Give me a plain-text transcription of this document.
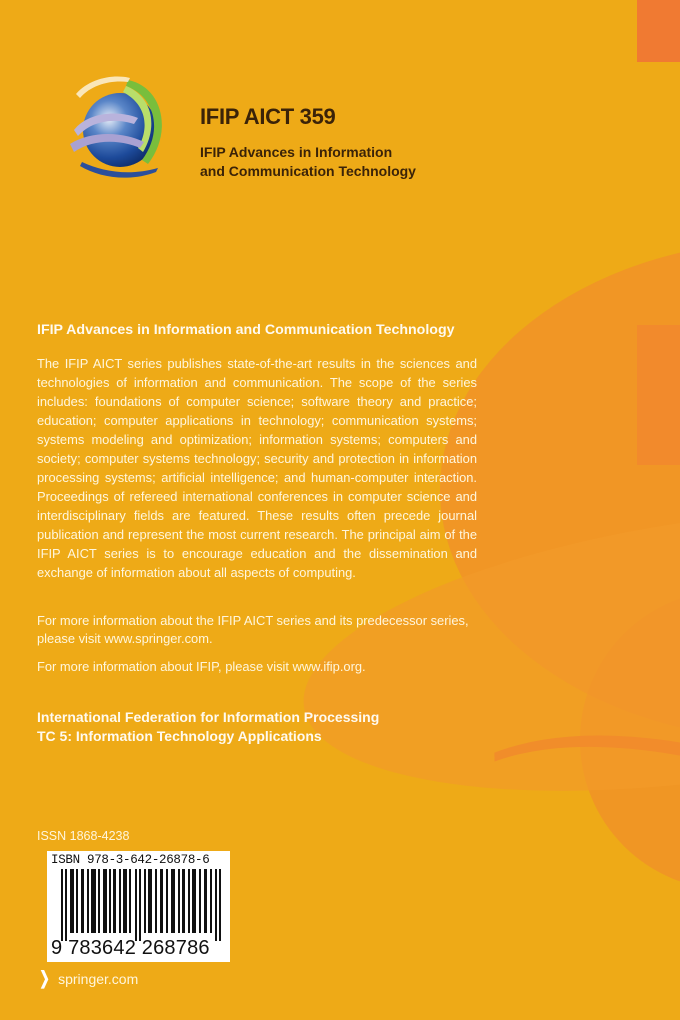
IFIP AICT 359
IFIP Advances in Information
and Communication Technology
IFIP Advances in Information and Communication Technology

The IFIP AICT series publishes state-of-the-art results in the sciences and technologies of information and communication. The scope of the series includes: foundations of computer science; software theory and practice; education; computer applications in technology; communication systems; systems modeling and optimization; information systems; computers and society; computer systems technology; security and protection in information processing systems; artificial intelligence; and human-computer interaction. Proceedings of refereed international conferences in computer science and interdisciplinary fields are featured. These results often precede journal publication and represent the most current research. The principal aim of the IFIP AICT series is to encourage education and the dissemination and exchange of information about all aspects of computing.

For more information about the IFIP AICT series and its predecessor series, please visit www.springer.com.

For more information about IFIP, please visit www.ifip.org.

International Federation for Information Processing
TC 5: Information Technology Applications
ISSN 1868-4238
ISBN 978-3-642-26878-6
9 783642 268786
❯ springer.com
